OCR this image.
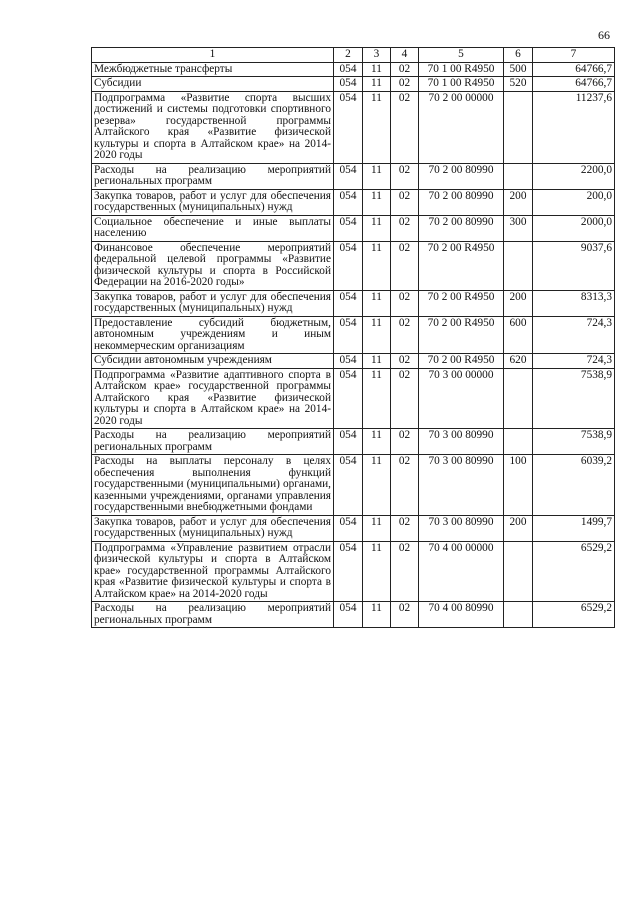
66
1	2	3	4	5	6	7
Межбюджетные трансферты	054	11	02	70 1 00 R4950	500	64766,7
Субсидии	054	11	02	70 1 00 R4950	520	64766,7
Подпрограмма «Развитие спорта высших достижений и системы подготовки спортивного резерва» государственной программы Алтайского края «Развитие физической культуры и спорта в Алтайском крае» на 2014-2020 годы	054	11	02	70 2 00 00000		11237,6
Расходы на реализацию мероприятий региональных программ	054	11	02	70 2 00 80990		2200,0
Закупка товаров, работ и услуг для обеспечения государственных (муниципальных) нужд	054	11	02	70 2 00 80990	200	200,0
Социальное обеспечение и иные выплаты населению	054	11	02	70 2 00 80990	300	2000,0
Финансовое обеспечение мероприятий федеральной целевой программы «Развитие физической культуры и спорта в Российской Федерации на 2016-2020 годы»	054	11	02	70 2 00 R4950		9037,6
Закупка товаров, работ и услуг для обеспечения государственных (муниципальных) нужд	054	11	02	70 2 00 R4950	200	8313,3
Предоставление субсидий бюджетным, автономным учреждениям и иным некоммерческим организациям	054	11	02	70 2 00 R4950	600	724,3
Субсидии автономным учреждениям	054	11	02	70 2 00 R4950	620	724,3
Подпрограмма «Развитие адаптивного спорта в Алтайском крае» государственной программы Алтайского края «Развитие физической культуры и спорта в Алтайском крае» на 2014-2020 годы	054	11	02	70 3 00 00000		7538,9
Расходы на реализацию мероприятий региональных программ	054	11	02	70 3 00 80990		7538,9
Расходы на выплаты персоналу в целях обеспечения выполнения функций государственными (муниципальными) органами, казенными учреждениями, органами управления государственными внебюджетными фондами	054	11	02	70 3 00 80990	100	6039,2
Закупка товаров, работ и услуг для обеспечения государственных (муниципальных) нужд	054	11	02	70 3 00 80990	200	1499,7
Подпрограмма «Управление развитием отрасли физической культуры и спорта в Алтайском крае» государственной программы Алтайского края «Развитие физической культуры и спорта в Алтайском крае» на 2014-2020 годы	054	11	02	70 4 00 00000		6529,2
Расходы на реализацию мероприятий региональных программ	054	11	02	70 4 00 80990		6529,2
